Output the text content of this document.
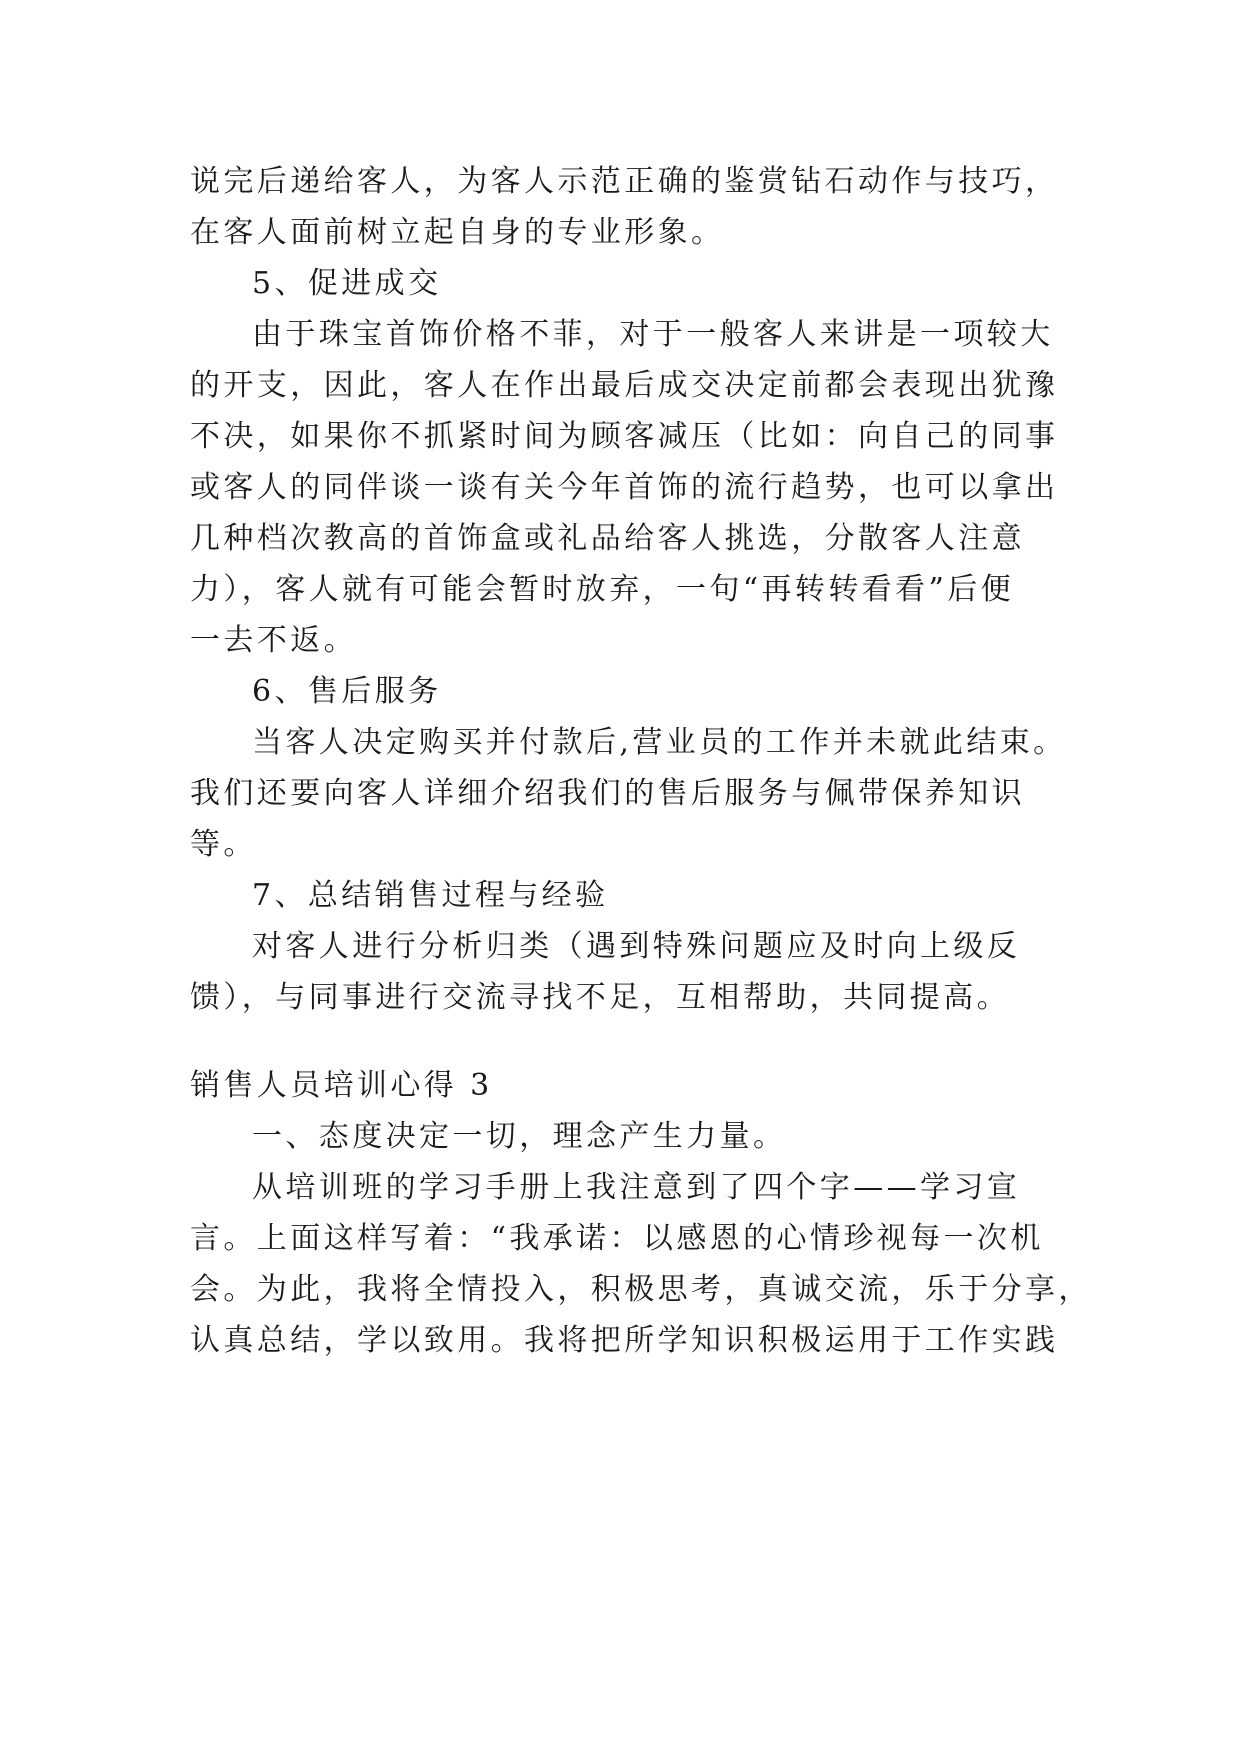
说完后递给客人，为客人示范正确的鉴赏钻石动作与技巧，
在客人面前树立起自身的专业形象。
5、促进成交
由于珠宝首饰价格不菲，对于一般客人来讲是一项较大
的开支，因此，客人在作出最后成交决定前都会表现出犹豫
不决，如果你不抓紧时间为顾客减压（比如：向自己的同事
或客人的同伴谈一谈有关今年首饰的流行趋势，也可以拿出
几种档次教高的首饰盒或礼品给客人挑选，分散客人注意
力），客人就有可能会暂时放弃，一句“再转转看看”后便
一去不返。
6、售后服务
当客人决定购买并付款后,营业员的工作并未就此结束。
我们还要向客人详细介绍我们的售后服务与佩带保养知识
等。
7、总结销售过程与经验
对客人进行分析归类（遇到特殊问题应及时向上级反
馈），与同事进行交流寻找不足，互相帮助，共同提高。
销售人员培训心得 3
一、态度决定一切，理念产生力量。
从培训班的学习手册上我注意到了四个字——学习宣
言。上面这样写着：“我承诺：以感恩的心情珍视每一次机
会。为此，我将全情投入，积极思考，真诚交流，乐于分享，
认真总结，学以致用。我将把所学知识积极运用于工作实践
